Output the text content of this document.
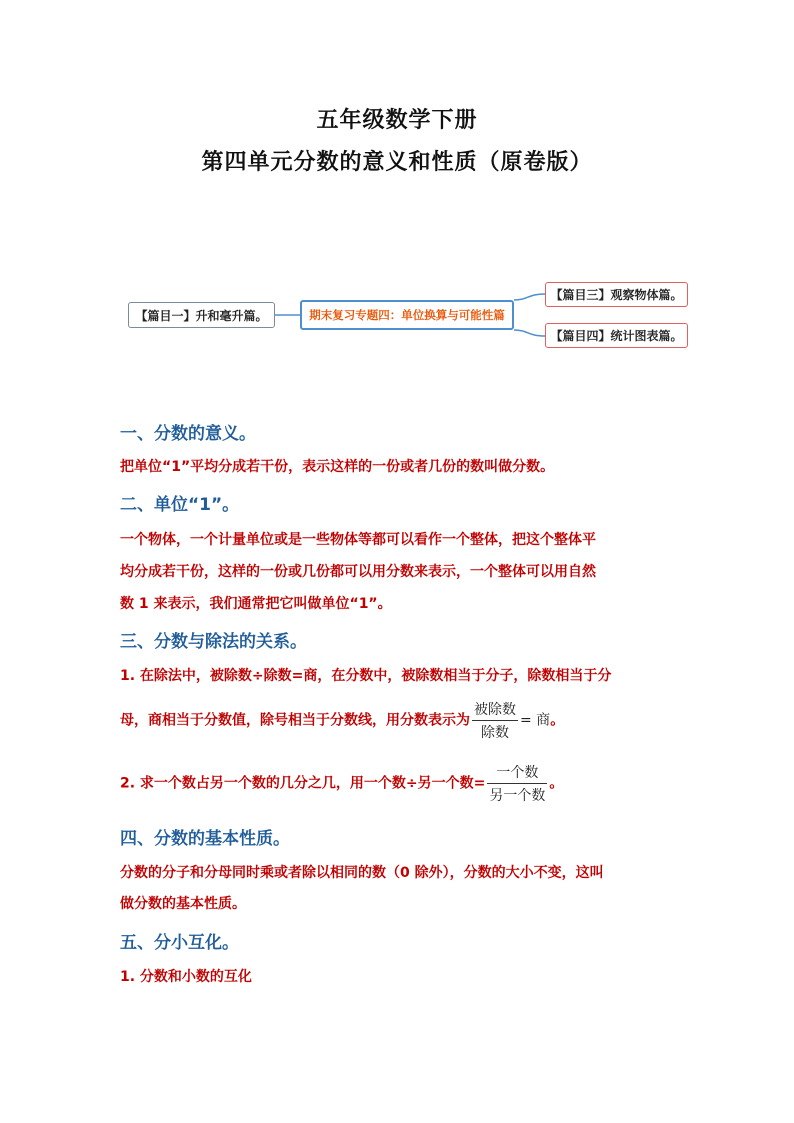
五年级数学下册
第四单元分数的意义和性质（原卷版）
【篇目一】升和毫升篇。	期末复习专题四：单位换算与可能性篇
【篇目三】观察物体篇。
【篇目四】统计图表篇。
一、分数的意义。
把单位“1”平均分成若干份，表示这样的一份或者几份的数叫做分数。
二、单位“1”。
一个物体，一个计量单位或是一些物体等都可以看作一个整体，把这个整体平
均分成若干份，这样的一份或几份都可以用分数来表示，一个整体可以用自然
数 1 来表示，我们通常把它叫做单位“1”。
三、分数与除法的关系。
1. 在除法中，被除数÷除数=商，在分数中，被除数相当于分子，除数相当于分
母，商相当于分数值，除号相当于分数线，用分数表示为 $\frac{\text{被除数}}{\text{除数}}$ = 商。
2. 求一个数占另一个数的几分之几，用一个数÷另一个数= $\frac{\text{一个数}}{\text{另一个数}}$ 。
四、分数的基本性质。
分数的分子和分母同时乘或者除以相同的数（0 除外），分数的大小不变，这叫
做分数的基本性质。
五、分小互化。
1. 分数和小数的互化
